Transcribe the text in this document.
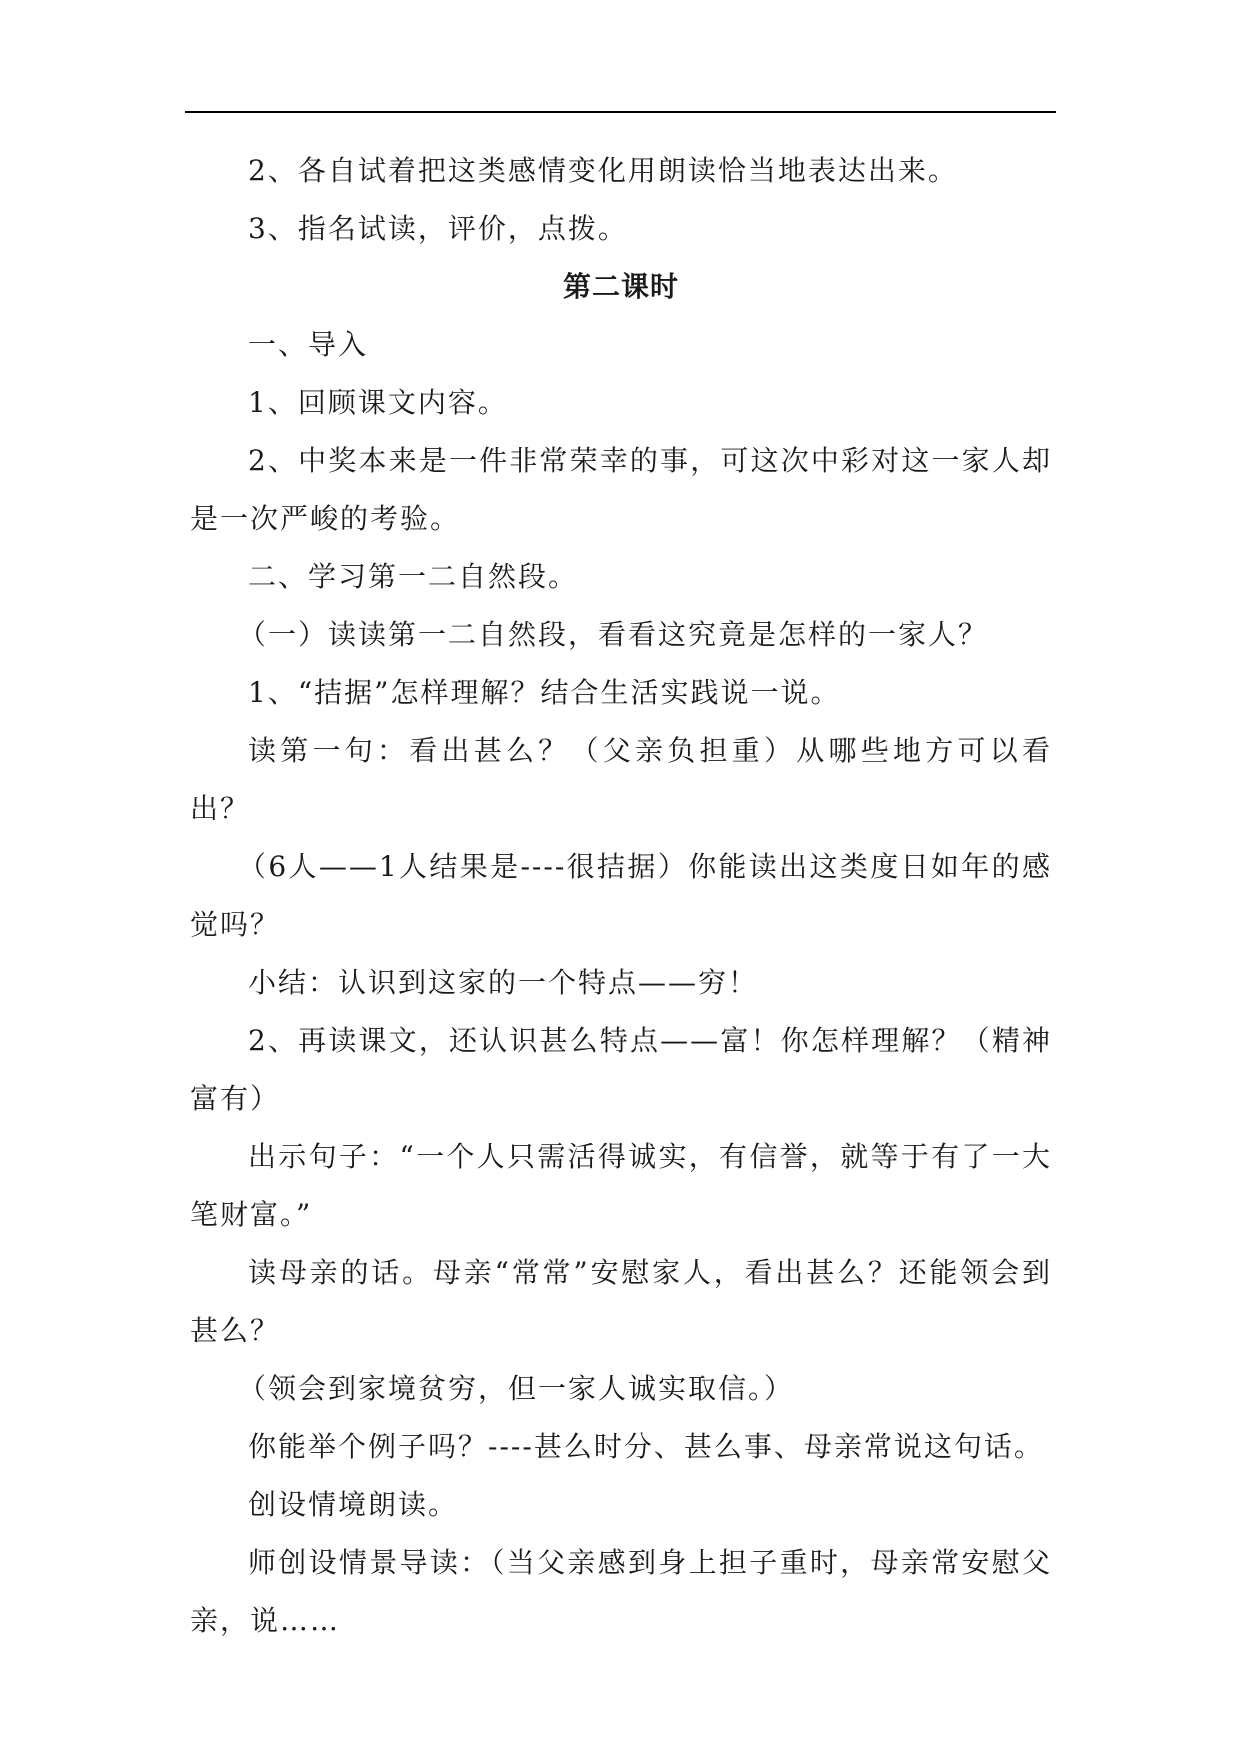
2、各自试着把这类感情变化用朗读恰当地表达出来。

3、指名试读，评价，点拨。

第二课时

一、导入

1、回顾课文内容。

2、中奖本来是一件非常荣幸的事，可这次中彩对这一家人却是一次严峻的考验。

二、学习第一二自然段。

（一）读读第一二自然段，看看这究竟是怎样的一家人？

1、“拮据”怎样理解？结合生活实践说一说。

读第一句：看出甚么？（父亲负担重）从哪些地方可以看出？

（6人——1人结果是----很拮据）你能读出这类度日如年的感觉吗？

小结：认识到这家的一个特点——穷！

2、再读课文，还认识甚么特点——富！你怎样理解？（精神富有）

出示句子：“一个人只需活得诚实，有信誉，就等于有了一大笔财富。”

读母亲的话。母亲“常常”安慰家人，看出甚么？还能领会到甚么？

（领会到家境贫穷，但一家人诚实取信。）

你能举个例子吗？----甚么时分、甚么事、母亲常说这句话。

创设情境朗读。

师创设情景导读：（当父亲感到身上担子重时，母亲常安慰父亲，说……
